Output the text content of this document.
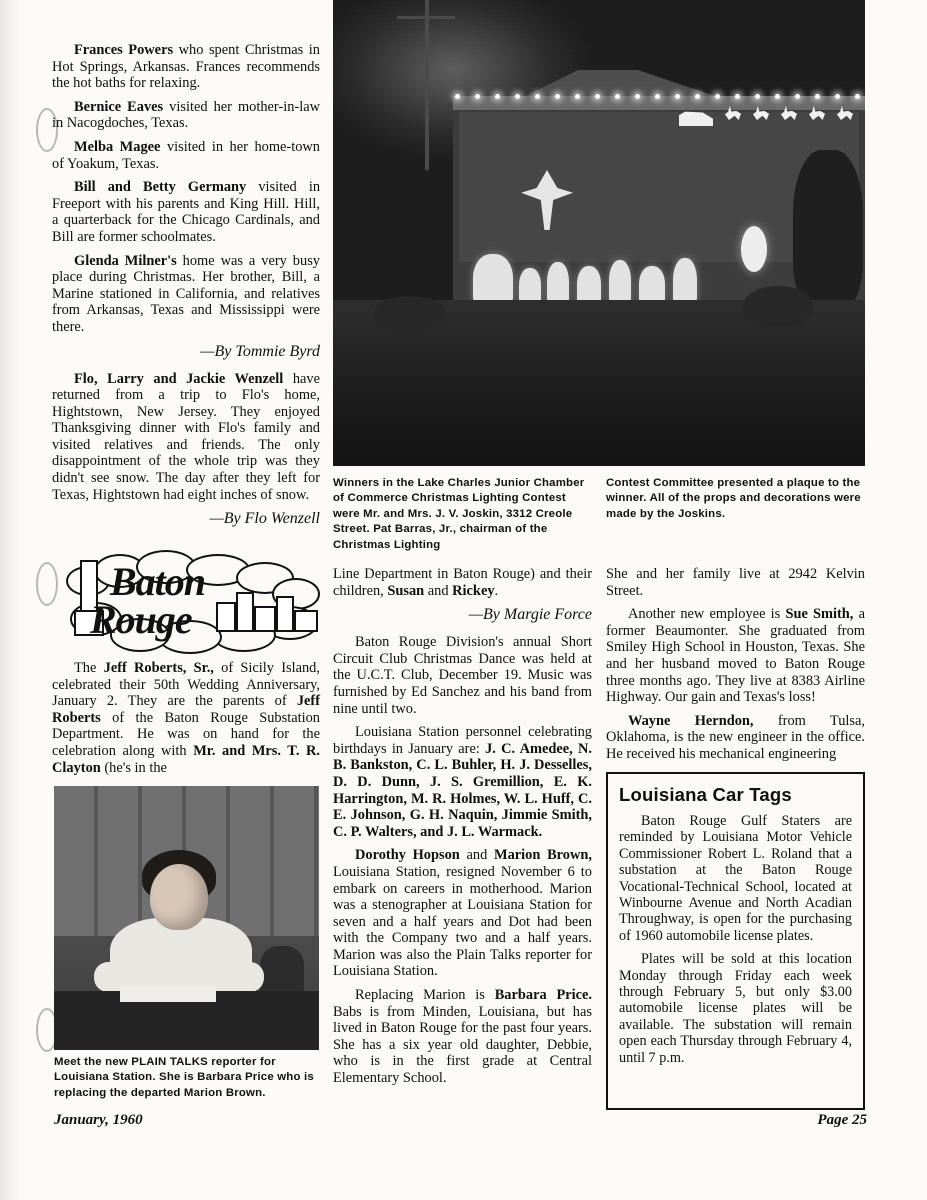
Winners in the Lake Charles Junior Chamber of Commerce Christmas Lighting Contest were Mr. and Mrs. J. V. Joskin, 3312 Creole Street. Pat Barras, Jr., chairman of the Christmas Lighting
Contest Committee presented a plaque to the winner. All of the props and decorations were made by the Joskins.

Frances Powers who spent Christmas in Hot Springs, Arkansas. Frances recommends the hot baths for relaxing.

Bernice Eaves visited her mother-in-law in Nacogdoches, Texas.

Melba Magee visited in her home-town of Yoakum, Texas.

Bill and Betty Germany visited in Freeport with his parents and King Hill. Hill, a quarterback for the Chicago Cardinals, and Bill are former schoolmates.

Glenda Milner's home was a very busy place during Christmas. Her brother, Bill, a Marine stationed in California, and relatives from Arkansas, Texas and Mississippi were there.

—By Tommie Byrd

Flo, Larry and Jackie Wenzell have returned from a trip to Flo's home, Hightstown, New Jersey. They enjoyed Thanksgiving dinner with Flo's family and visited relatives and friends. The only disappointment of the whole trip was they didn't see snow. The day after they left for Texas, Hightstown had eight inches of snow.

—By Flo Wenzell
Baton
Rouge

The Jeff Roberts, Sr., of Sicily Island, celebrated their 50th Wedding Anniversary, January 2. They are the parents of Jeff Roberts of the Baton Rouge Substation Department. He was on hand for the celebration along with Mr. and Mrs. T. R. Clayton (he's in the

Meet the new PLAIN TALKS reporter for Louisiana Station. She is Barbara Price who is replacing the departed Marion Brown.

Line Department in Baton Rouge) and their children, Susan and Rickey.

—By Margie Force

Baton Rouge Division's annual Short Circuit Club Christmas Dance was held at the U.C.T. Club, December 19. Music was furnished by Ed Sanchez and his band from nine until two.

Louisiana Station personnel celebrating birthdays in January are: J. C. Amedee, N. B. Bankston, C. L. Buhler, H. J. Desselles, D. D. Dunn, J. S. Gremillion, E. K. Harrington, M. R. Holmes, W. L. Huff, C. E. Johnson, G. H. Naquin, Jimmie Smith, C. P. Walters, and J. L. Warmack.

Dorothy Hopson and Marion Brown, Louisiana Station, resigned November 6 to embark on careers in motherhood. Marion was a stenographer at Louisiana Station for seven and a half years and Dot had been with the Company two and a half years. Marion was also the Plain Talks reporter for Louisiana Station.

Replacing Marion is Barbara Price. Babs is from Minden, Louisiana, but has lived in Baton Rouge for the past four years. She has a six year old daughter, Debbie, who is in the first grade at Central Elementary School.

She and her family live at 2942 Kelvin Street.

Another new employee is Sue Smith, a former Beaumonter. She graduated from Smiley High School in Houston, Texas. She and her husband moved to Baton Rouge three months ago. They live at 8383 Airline Highway. Our gain and Texas's loss!

Wayne Herndon, from Tulsa, Oklahoma, is the new engineer in the office. He received his mechanical engineering

Louisiana Car Tags

Baton Rouge Gulf Staters are reminded by Louisiana Motor Vehicle Commissioner Robert L. Roland that a substation at the Baton Rouge Vocational-Technical School, located at Winbourne Avenue and North Acadian Throughway, is open for the purchasing of 1960 automobile license plates.

Plates will be sold at this location Monday through Friday each week through February 5, but only $3.00 automobile license plates will be available. The substation will remain open each Thursday through February 4, until 7 p.m.

January, 1960	Page 25
